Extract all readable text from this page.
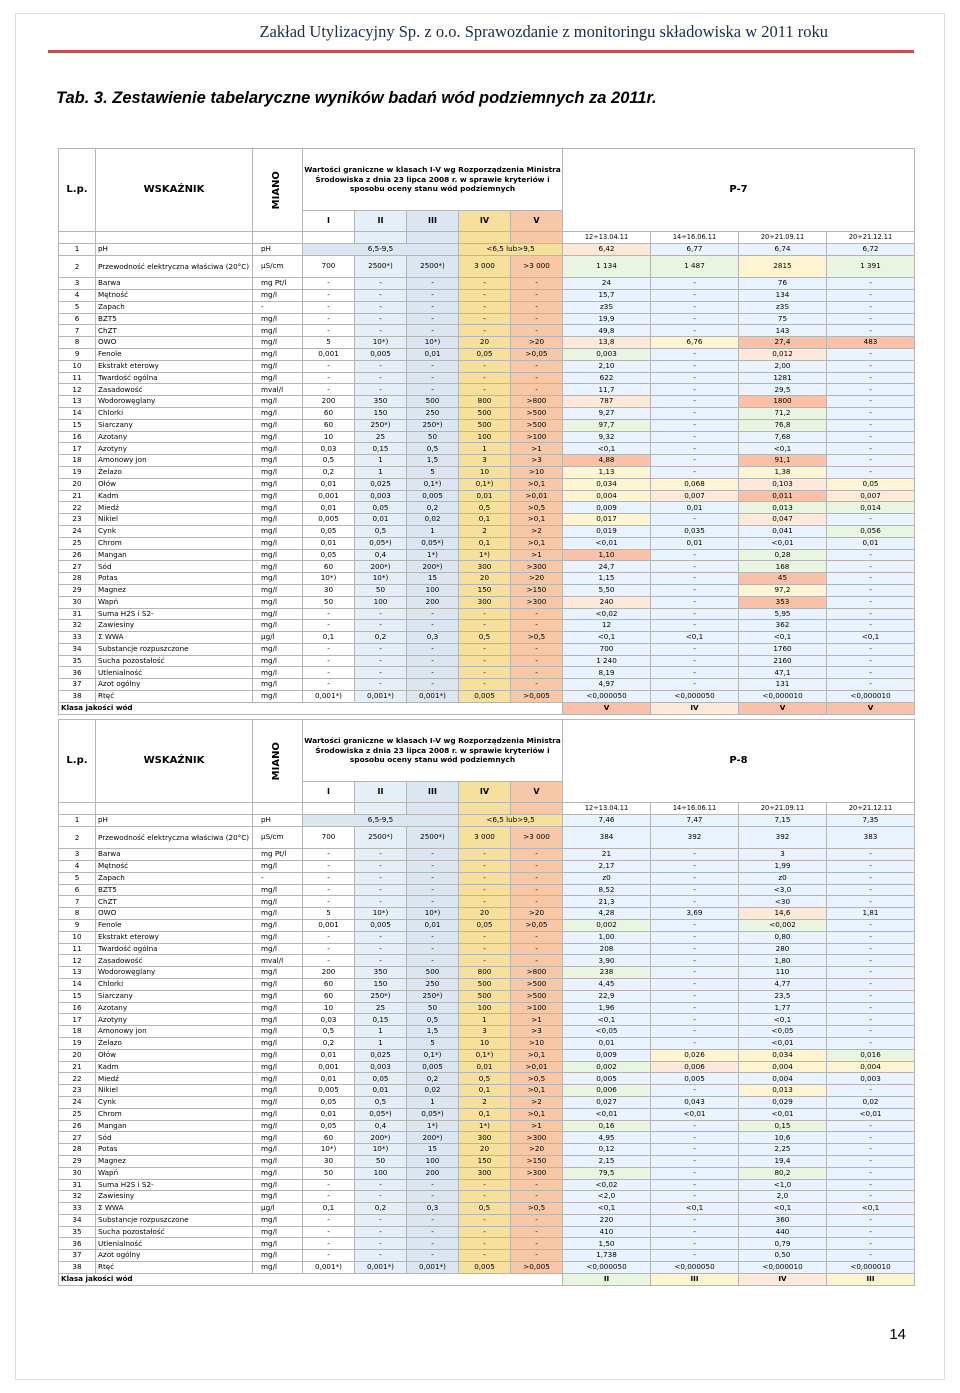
Zakład Utylizacyjny Sp. z o.o. Sprawozdanie z monitoringu składowiska w 2011 roku
Tab. 3. Zestawienie tabelaryczne wyników badań wód podziemnych za 2011r.
L.p.	WSKAŹNIK	MIANO	Wartości graniczne w klasach I-V wg Rozporządzenia Ministra Środowiska z dnia 23 lipca 2008 r. w sprawie kryteriów i sposobu oceny stanu wód podziemnych					P-7			
			I	II	III	IV	V				
								12÷13.04.11	14÷16.06.11	20÷21.09.11	20÷21.12.11
1	pH	pH	6,5-9,5			<6,5 lub>9,5		6,42	6,77	6,74	6,72
2	Przewodność elektryczna właściwa (20°C)	µS/cm	700	2500*)	2500*)	3 000	>3 000	1 134	1 487	2815	1 391
3	Barwa	mg Pt/l	-	-	-	-	-	24	-	76	-
4	Mętność	mg/l	-	-	-	-	-	15,7	-	134	-
5	Zapach	-	-	-	-	-	-	z3S	-	z3S	-
6	BZT5	mg/l	-	-	-	-	-	19,9	-	75	-
7	ChZT	mg/l	-	-	-	-	-	49,8	-	143	-
8	OWO	mg/l	5	10*)	10*)	20	>20	13,8	6,76	27,4	483
9	Fenole	mg/l	0,001	0,005	0,01	0,05	>0,05	0,003	-	0,012	-
10	Ekstrakt eterowy	mg/l	-	-	-	-	-	2,10	-	2,00	-
11	Twardość ogólna	mg/l	-	-	-	-	-	622	-	1281	-
12	Zasadowość	mval/l	-	-	-	-	-	11,7	-	29,5	-
13	Wodorowęglany	mg/l	200	350	500	800	>800	787	-	1800	-
14	Chlorki	mg/l	60	150	250	500	>500	9,27	-	71,2	-
15	Siarczany	mg/l	60	250*)	250*)	500	>500	97,7	-	76,8	-
16	Azotany	mg/l	10	25	50	100	>100	9,32	-	7,68	-
17	Azotyny	mg/l	0,03	0,15	0,5	1	>1	<0,1	-	<0,1	-
18	Amonowy jon	mg/l	0,5	1	1,5	3	>3	4,88	-	91,1	-
19	Żelazo	mg/l	0,2	1	5	10	>10	1,13	-	1,38	-
20	Ołów	mg/l	0,01	0,025	0,1*)	0,1*)	>0,1	0,034	0,068	0,103	0,05
21	Kadm	mg/l	0,001	0,003	0,005	0,01	>0,01	0,004	0,007	0,011	0,007
22	Miedź	mg/l	0,01	0,05	0,2	0,5	>0,5	0,009	0,01	0,013	0,014
23	Nikiel	mg/l	0,005	0,01	0,02	0,1	>0,1	0,017	-	0,047	-
24	Cynk	mg/l	0,05	0,5	1	2	>2	0,019	0,035	0,041	0,056
25	Chrom	mg/l	0,01	0,05*)	0,05*)	0,1	>0,1	<0,01	0,01	<0,01	0,01
26	Mangan	mg/l	0,05	0,4	1*)	1*)	>1	1,10	-	0,28	-
27	Sód	mg/l	60	200*)	200*)	300	>300	24,7	-	168	-
28	Potas	mg/l	10*)	10*)	15	20	>20	1,15	-	45	-
29	Magnez	mg/l	30	50	100	150	>150	5,50	-	97,2	-
30	Wapń	mg/l	50	100	200	300	>300	240	-	353	-
31	Suma H2S i S2-	mg/l	-	-	-	-	-	<0,02	-	5,95	-
32	Zawiesiny	mg/l	-	-	-	-	-	12	-	362	-
33	Σ WWA	µg/l	0,1	0,2	0,3	0,5	>0,5	<0,1	<0,1	<0,1	<0,1
34	Substancje rozpuszczone	mg/l	-	-	-	-	-	700	-	1760	-
35	Sucha pozostałość	mg/l	-	-	-	-	-	1 240	-	2160	-
36	Utlenialność	mg/l	-	-	-	-	-	8,19	-	47,1	-
37	Azot ogólny	mg/l	-	-	-	-	-	4,97	-	131	-
38	Rtęć	mg/l	0,001*)	0,001*)	0,001*)	0,005	>0,005	<0,000050	<0,000050	<0,000010	<0,000010
Klasa jakości wód								V	IV	V	V
L.p.	WSKAŹNIK	MIANO	Wartości graniczne w klasach I-V wg Rozporządzenia Ministra Środowiska z dnia 23 lipca 2008 r. w sprawie kryteriów i sposobu oceny stanu wód podziemnych					P-8			
			I	II	III	IV	V				
								12÷13.04.11	14÷16.06.11	20÷21.09.11	20÷21.12.11
1	pH	pH	6,5-9,5			<6,5 lub>9,5		7,46	7,47	7,15	7,35
2	Przewodność elektryczna właściwa (20°C)	µS/cm	700	2500*)	2500*)	3 000	>3 000	384	392	392	383
3	Barwa	mg Pt/l	-	-	-	-	-	21	-	3	-
4	Mętność	mg/l	-	-	-	-	-	2,17	-	1,99	-
5	Zapach	-	-	-	-	-	-	z0	-	z0	-
6	BZT5	mg/l	-	-	-	-	-	8,52	-	<3,0	-
7	ChZT	mg/l	-	-	-	-	-	21,3	-	<30	-
8	OWO	mg/l	5	10*)	10*)	20	>20	4,28	3,69	14,6	1,81
9	Fenole	mg/l	0,001	0,005	0,01	0,05	>0,05	0,002	-	<0,002	-
10	Ekstrakt eterowy	mg/l	-	-	-	-	-	1,00	-	0,80	-
11	Twardość ogólna	mg/l	-	-	-	-	-	208	-	280	-
12	Zasadowość	mval/l	-	-	-	-	-	3,90	-	1,80	-
13	Wodorowęglany	mg/l	200	350	500	800	>800	238	-	110	-
14	Chlorki	mg/l	60	150	250	500	>500	4,45	-	4,77	-
15	Siarczany	mg/l	60	250*)	250*)	500	>500	22,9	-	23,5	-
16	Azotany	mg/l	10	25	50	100	>100	1,96	-	1,77	-
17	Azotyny	mg/l	0,03	0,15	0,5	1	>1	<0,1	-	<0,1	-
18	Amonowy jon	mg/l	0,5	1	1,5	3	>3	<0,05	-	<0,05	-
19	Żelazo	mg/l	0,2	1	5	10	>10	0,01	-	<0,01	-
20	Ołów	mg/l	0,01	0,025	0,1*)	0,1*)	>0,1	0,009	0,026	0,034	0,016
21	Kadm	mg/l	0,001	0,003	0,005	0,01	>0,01	0,002	0,006	0,004	0,004
22	Miedź	mg/l	0,01	0,05	0,2	0,5	>0,5	0,005	0,005	0,004	0,003
23	Nikiel	mg/l	0,005	0,01	0,02	0,1	>0,1	0,006	-	0,013	-
24	Cynk	mg/l	0,05	0,5	1	2	>2	0,027	0,043	0,029	0,02
25	Chrom	mg/l	0,01	0,05*)	0,05*)	0,1	>0,1	<0,01	<0,01	<0,01	<0,01
26	Mangan	mg/l	0,05	0,4	1*)	1*)	>1	0,16	-	0,15	-
27	Sód	mg/l	60	200*)	200*)	300	>300	4,95	-	10,6	-
28	Potas	mg/l	10*)	10*)	15	20	>20	0,12	-	2,25	-
29	Magnez	mg/l	30	50	100	150	>150	2,15	-	19,4	-
30	Wapń	mg/l	50	100	200	300	>300	79,5	-	80,2	-
31	Suma H2S i S2-	mg/l	-	-	-	-	-	<0,02	-	<1,0	-
32	Zawiesiny	mg/l	-	-	-	-	-	<2,0	-	2,0	-
33	Σ WWA	µg/l	0,1	0,2	0,3	0,5	>0,5	<0,1	<0,1	<0,1	<0,1
34	Substancje rozpuszczone	mg/l	-	-	-	-	-	220	-	360	-
35	Sucha pozostałość	mg/l	-	-	-	-	-	410	-	440	-
36	Utlenialność	mg/l	-	-	-	-	-	1,50	-	0,79	-
37	Azot ogólny	mg/l	-	-	-	-	-	1,738	-	0,50	-
38	Rtęć	mg/l	0,001*)	0,001*)	0,001*)	0,005	>0,005	<0,000050	<0,000050	<0,000010	<0,000010
Klasa jakości wód								II	III	IV	III
14
